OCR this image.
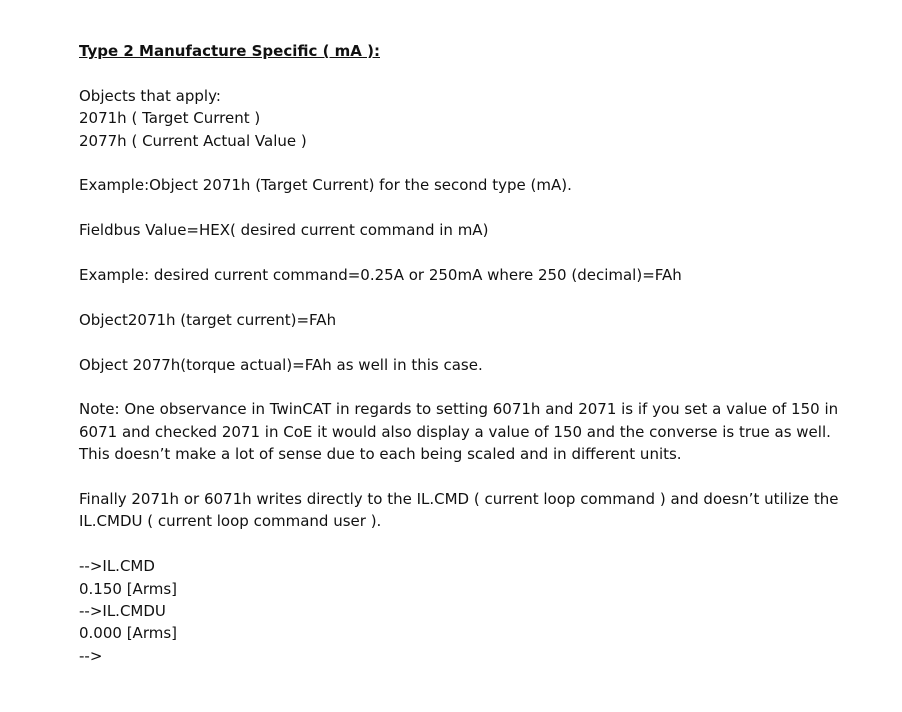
Type 2 Manufacture Specific ( mA ):

Objects that apply:

2071h ( Target Current )

2077h ( Current Actual Value )

Example:Object 2071h (Target Current) for the second type (mA).

Fieldbus Value=HEX( desired current command in mA)

Example: desired current command=0.25A or 250mA where 250 (decimal)=FAh

Object2071h (target current)=FAh

Object 2077h(torque actual)=FAh as well in this case.

Note: One observance in TwinCAT in regards to setting 6071h and 2071 is if you set a value of 150 in 6071 and checked 2071 in CoE it would also display a value of 150 and the converse is true as well. This doesn’t make a lot of sense due to each being scaled and in different units.

Finally 2071h or 6071h writes directly to the IL.CMD ( current loop command ) and doesn’t utilize the IL.CMDU ( current loop command user ).

-->IL.CMD

0.150 [Arms]

-->IL.CMDU

0.000 [Arms]

-->
